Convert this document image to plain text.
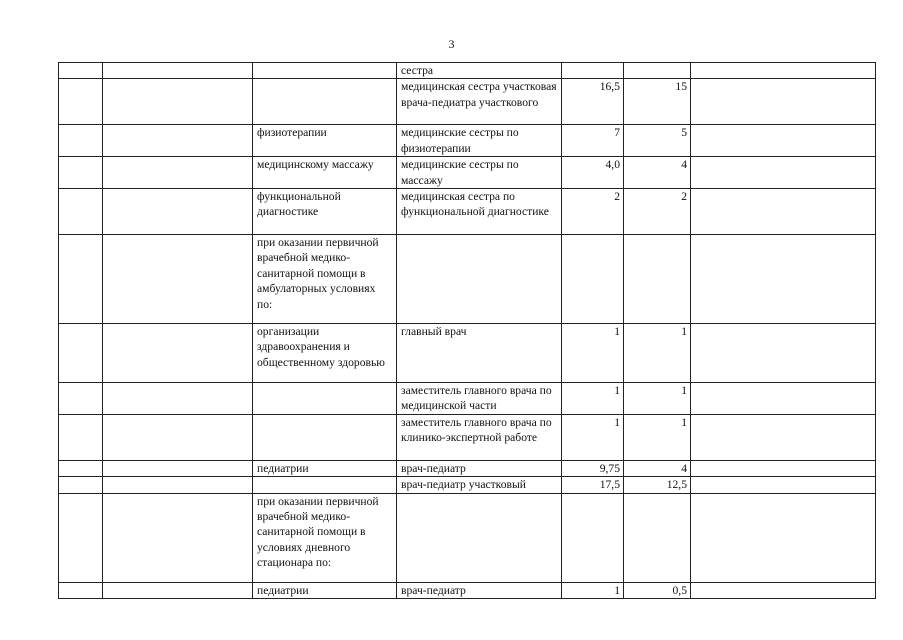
3
			сестра			
			медицинская сестра участковая врача-педиатра участкового	16,5	15	
		физиотерапии	медицинские сестры по физиотерапии	7	5	
		медицинскому массажу	медицинские сестры по массажу	4,0	4	
		функциональной диагностике	медицинская сестра по функциональной диагностике	2	2	
		при оказании первичной врачебной медико-санитарной помощи в амбулаторных условиях по:				
		организации здравоохранения и общественному здоровью	главный врач	1	1	
			заместитель главного врача по медицинской части	1	1	
			заместитель главного врача по клинико-экспертной работе	1	1	
		педиатрии	врач-педиатр	9,75	4	
			врач-педиатр участковый	17,5	12,5	
		при оказании первичной врачебной медико-санитарной помощи в условиях дневного стационара по:				
		педиатрии	врач-педиатр	1	0,5	
